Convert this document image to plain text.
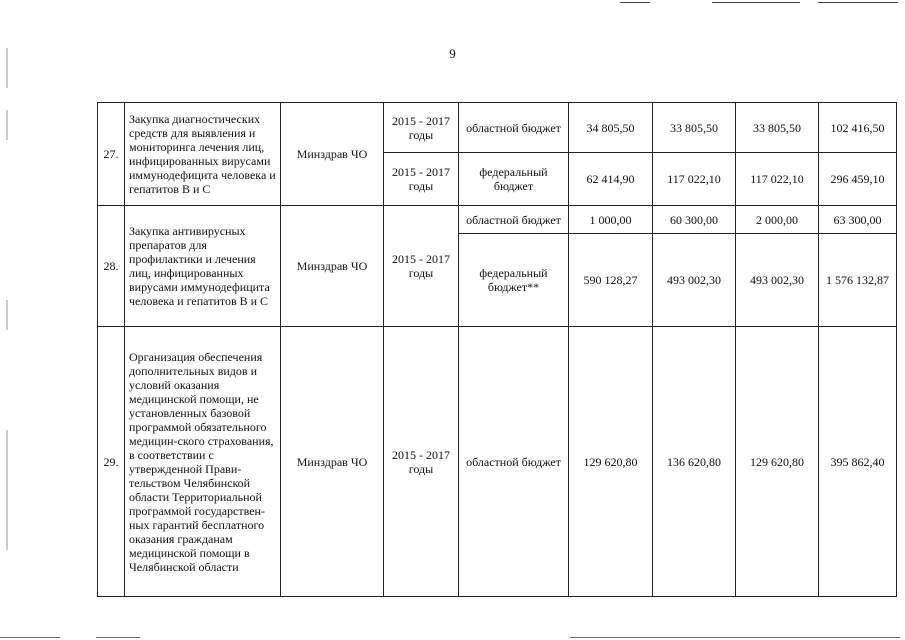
9
27.	Закупка диагностических средств для выявления и мониторинга лечения лиц, инфицированных вирусами иммунодефицита человека и гепатитов В и С	Минздрав ЧО	2015 - 2017 годы	областной бюджет	34 805,50	33 805,50	33 805,50	102 416,50
			2015 - 2017 годы	федеральный бюджет	62 414,90	117 022,10	117 022,10	296 459,10
28.	Закупка антивирусных препаратов для профилактики и лечения лиц, инфицированных вирусами иммунодефицита человека и гепатитов В и С	Минздрав ЧО	2015 - 2017 годы	областной бюджет	1 000,00	60 300,00	2 000,00	63 300,00
				федеральный бюджет**	590 128,27	493 002,30	493 002,30	1 576 132,87
29.	Организация обеспечения дополнительных видов и условий оказания медицинской помощи, не установленных базовой программой обязательного медицин-ского страхования, в соответствии с утвержденной Прави-тельством Челябинской области Территориальной программой государствен-ных гарантий бесплатного оказания гражданам медицинской помощи в Челябинской области	Минздрав ЧО	2015 - 2017 годы	областной бюджет	129 620,80	136 620,80	129 620,80	395 862,40
